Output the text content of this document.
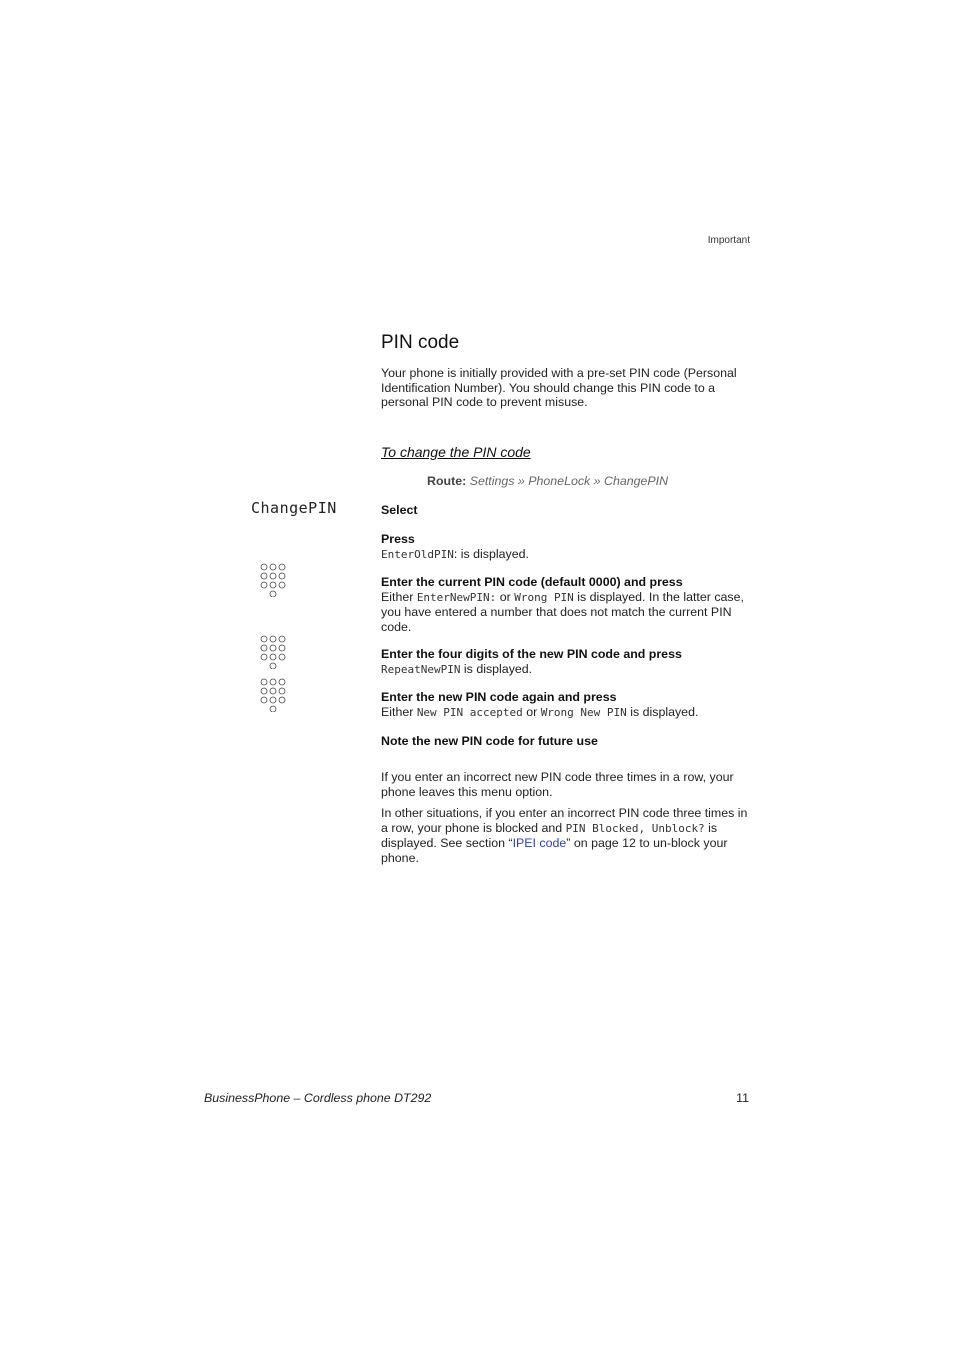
Important
PIN code

Your phone is initially provided with a pre-set PIN code (Personal Identification Number). You should change this PIN code to a personal PIN code to prevent misuse.

To change the PIN code
Route: Settings » PhoneLock » ChangePIN
ChangePIN	Select
Press
EnterOldPIN: is displayed.
Enter the current PIN code (default 0000) and press
Either EnterNewPIN: or Wrong PIN is displayed. In the latter case, you have entered a number that does not match the current PIN code.
Enter the four digits of the new PIN code and press
RepeatNewPIN is displayed.
Enter the new PIN code again and press
Either New PIN accepted or Wrong New PIN is displayed.
Note the new PIN code for future use

If you enter an incorrect new PIN code three times in a row, your phone leaves this menu option.

In other situations, if you enter an incorrect PIN code three times in a row, your phone is blocked and PIN Blocked, Unblock? is displayed. See section “IPEI code” on page 12 to un-block your phone.

BusinessPhone – Cordless phone DT292	11
